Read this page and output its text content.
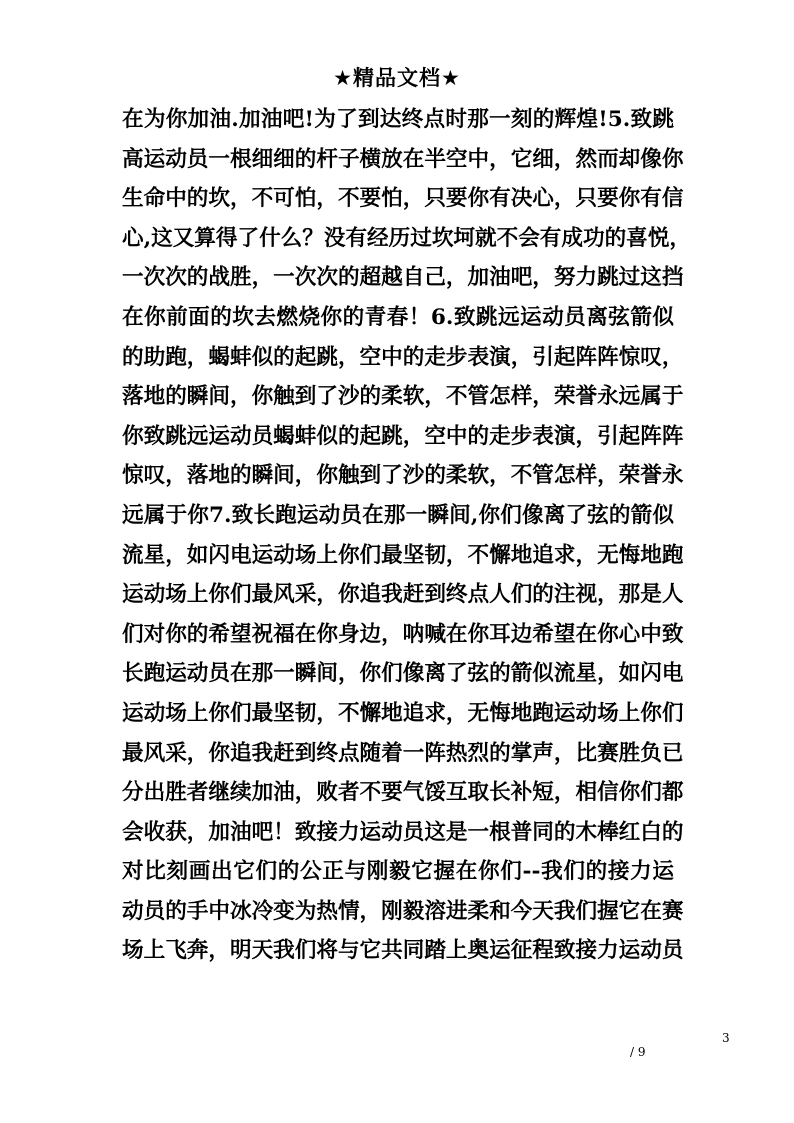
★精品文档★
在为你加油.加油吧!为了到达终点时那一刻的辉煌!5.致跳
高运动员一根细细的杆子横放在半空中，它细，然而却像你
生命中的坎，不可怕，不要怕，只要你有决心，只要你有信
心,这又算得了什么？没有经历过坎坷就不会有成功的喜悦，
一次次的战胜，一次次的超越自己，加油吧，努力跳过这挡
在你前面的坎去燃烧你的青春！6.致跳远运动员离弦箭似
的助跑，蝎蚌似的起跳，空中的走步表演，引起阵阵惊叹，
落地的瞬间，你触到了沙的柔软，不管怎样，荣誉永远属于
你致跳远运动员蝎蚌似的起跳，空中的走步表演，引起阵阵
惊叹，落地的瞬间，你触到了沙的柔软，不管怎样，荣誉永
远属于你7.致长跑运动员在那一瞬间,你们像离了弦的箭似
流星，如闪电运动场上你们最坚韧，不懈地追求，无悔地跑
运动场上你们最风采，你追我赶到终点人们的注视，那是人
们对你的希望祝福在你身边，呐喊在你耳边希望在你心中致
长跑运动员在那一瞬间，你们像离了弦的箭似流星，如闪电
运动场上你们最坚韧，不懈地追求，无悔地跑运动场上你们
最风采，你追我赶到终点随着一阵热烈的掌声，比赛胜负已
分出胜者继续加油，败者不要气馁互取长补短，相信你们都
会收获，加油吧！致接力运动员这是一根普同的木棒红白的
对比刻画出它们的公正与刚毅它握在你们--我们的接力运
动员的手中冰冷变为热情，刚毅溶进柔和今天我们握它在赛
场上飞奔，明天我们将与它共同踏上奥运征程致接力运动员
3
/ 9
